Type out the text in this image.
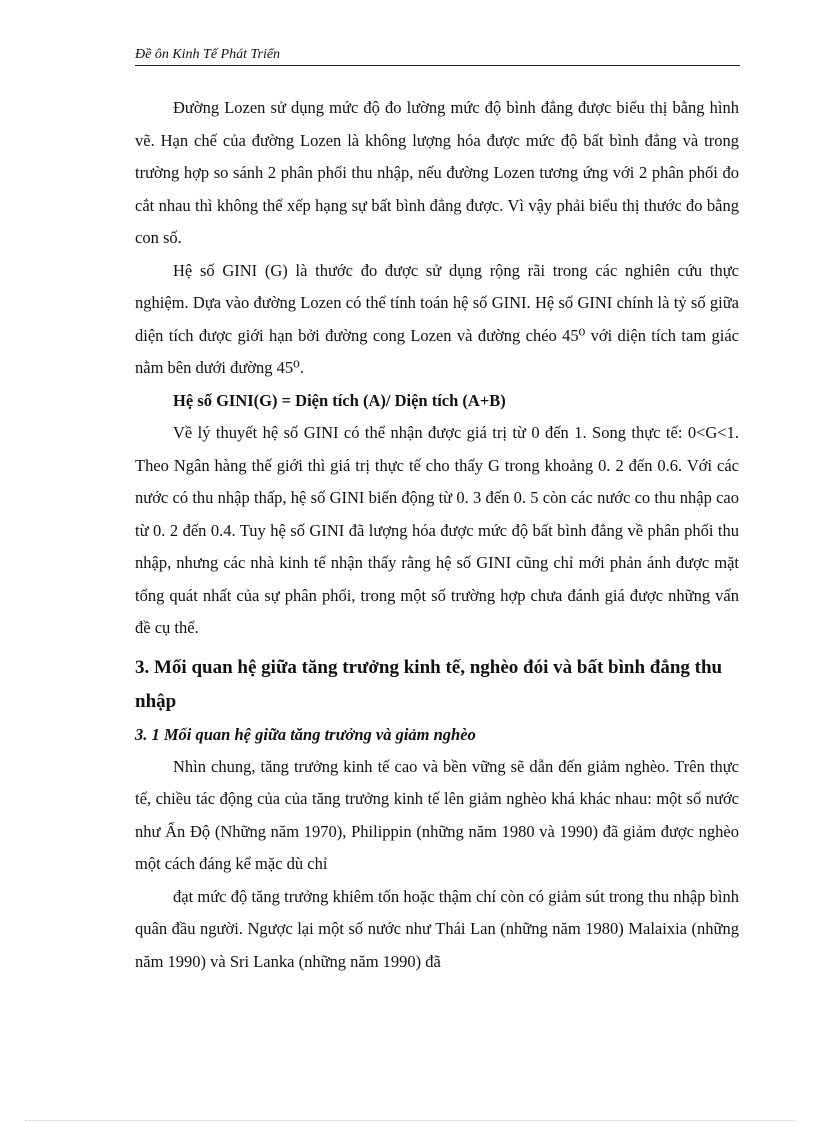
Đề ôn Kinh Tế Phát Triển

Đường Lozen sử dụng mức độ đo lường mức độ bình đẳng được biểu thị bằng hình vẽ. Hạn chế của đường Lozen là không lượng hóa được mức độ bất bình đẳng và trong trường hợp so sánh 2 phân phối thu nhập, nếu đường Lozen tương ứng với 2 phân phối đo cắt nhau thì không thể xếp hạng sự bất bình đẳng được. Vì vậy phải biểu thị thước đo bằng con số.

Hệ số GINI (G) là thước đo được sử dụng rộng rãi trong các nghiên cứu thực nghiệm. Dựa vào đường Lozen có thể tính toán hệ số GINI. Hệ số GINI chính là tỷ số giữa diện tích được giới hạn bởi đường cong Lozen và đường chéo 45⁰ với diện tích tam giác nằm bên dưới đường 45⁰.

Hệ số GINI(G) = Diện tích (A)/ Diện tích (A+B)

Về lý thuyết hệ số GINI có thể nhận được giá trị từ 0 đến 1. Song thực tế: 0<G<1. Theo Ngân hàng thế giới thì giá trị thực tế cho thấy G trong khoảng 0. 2 đến 0.6. Với các nước có thu nhập thấp, hệ số GINI biến động từ 0. 3 đến 0. 5 còn các nước co thu nhập cao từ 0. 2 đến 0.4. Tuy hệ số GINI đã lượng hóa được mức độ bất bình đẳng về phân phối thu nhập, nhưng các nhà kinh tế nhận thấy rằng hệ số GINI cũng chỉ mới phản ánh được mặt tổng quát nhất của sự phân phối, trong một số trường hợp chưa đánh giá được những vấn đề cụ thể.

3. Mối quan hệ giữa tăng trưởng kinh tế, nghèo đói và bất bình đẳng thu nhập
3. 1 Mối quan hệ giữa tăng trưởng và giảm nghèo

Nhìn chung, tăng trưởng kinh tế cao và bền vững sẽ dẫn đến giảm nghèo. Trên thực tế, chiều tác động của của tăng trưởng kinh tế lên giảm nghèo khá khác nhau: một số nước như Ấn Độ (Những năm 1970), Philippin (những năm 1980 và 1990) đã giảm được nghèo một cách đáng kể mặc dù chỉ

đạt mức độ tăng trưởng khiêm tốn hoặc thậm chí còn có giảm sút trong thu nhập bình quân đầu người. Ngược lại một số nước như Thái Lan (những năm 1980) Malaixia (những năm 1990) và Sri Lanka (những năm 1990) đã
